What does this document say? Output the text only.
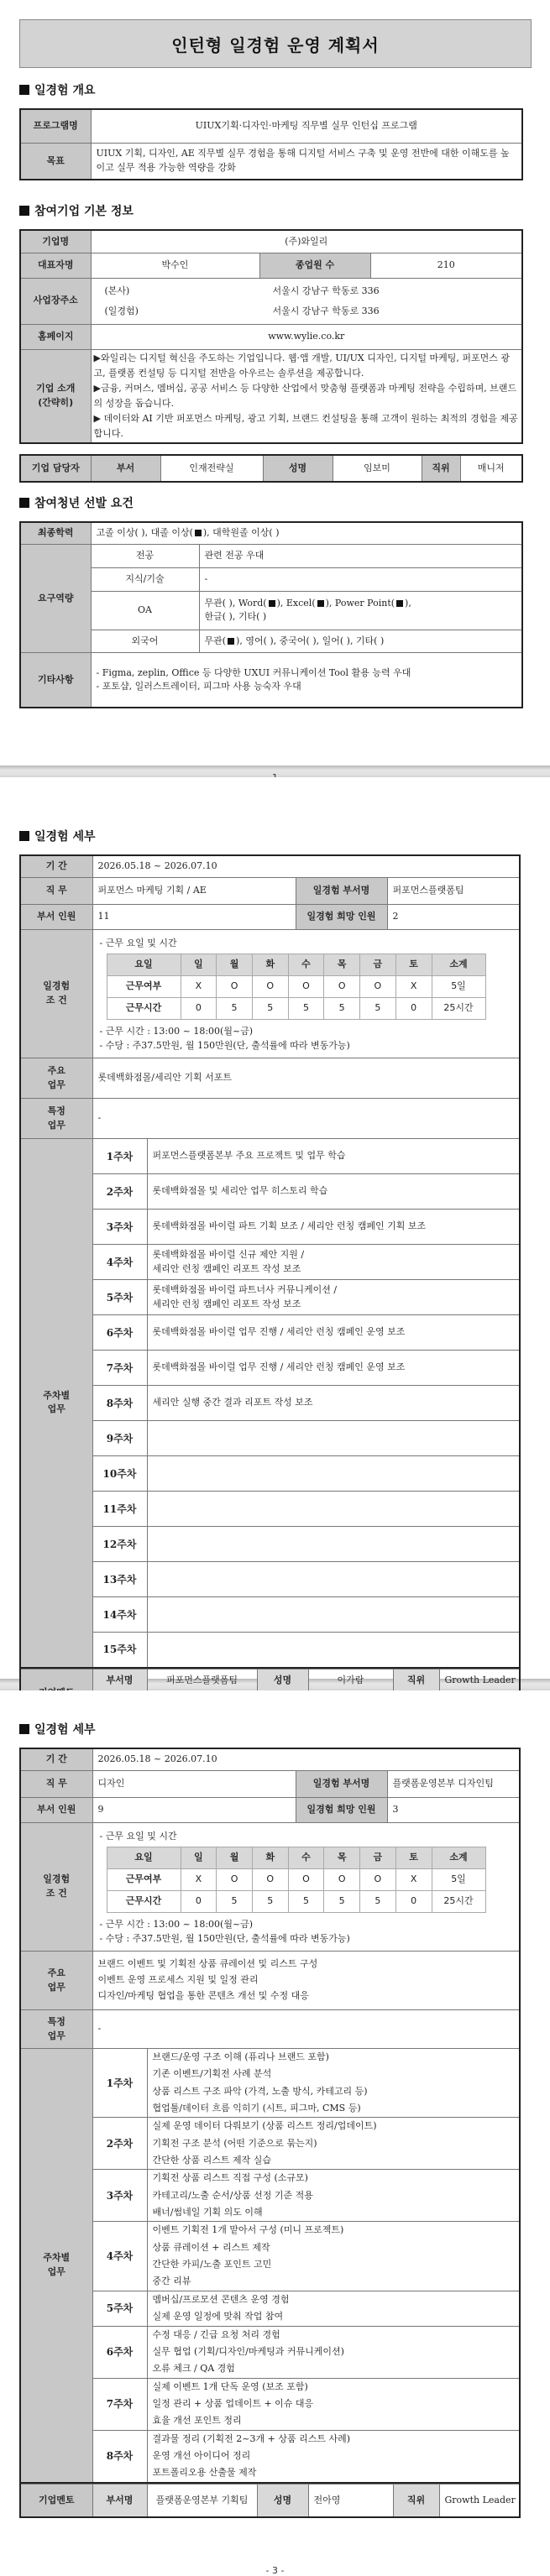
인턴형 일경험 운영 계획서
일경험 개요
프로그램명	UIUX기획·디자인·마케팅 직무별 실무 인턴십 프로그램
목표	UIUX 기획, 디자인, AE 직무별 실무 경험을 통해 디지털 서비스 구축 및 운영 전반에 대한 이해도를 높이고 실무 적용 가능한 역량을 강화
참여기업 기본 정보
기업명	(주)와일리		
대표자명	박수인	종업원 수	210
사업장주소	(본사) 서울시 강남구 학동로 336
(일경험) 서울시 강남구 학동로 336		

홈페이지	www.wylie.co.kr		

기업 소개
(간략히)	▶와일리는 디지털 혁신을 주도하는 기업입니다. 웹·앱 개발, UI/UX 디자인, 디지털 마케팅, 퍼포먼스 광고, 플랫폼 컨설팅 등 디지털 전반을 아우르는 솔루션을 제공합니다.
▶금융, 커머스, 멤버십, 공공 서비스 등 다양한 산업에서 맞춤형 플랫폼과 마케팅 전략을 수립하며, 브랜드의 성장을 돕습니다.
▶ 데이터와 AI 기반 퍼포먼스 마케팅, 광고 기획, 브랜드 컨설팅을 통해 고객이 원하는 최적의 경험을 제공합니다.		
기업 담당자	부서	인재전략실	성명	임보미	직위	매니저
참여청년 선발 요건
최종학력	고졸 이상( ), 대졸 이상( ), 대학원졸 이상( )	
요구역량	전공	관련 전공 우대
	지식/기술	-
	OA	무관( ), Word( ), Excel( ), Power Point( ),
한글( ), 기타( )

	외국어	무관( ), 영어( ), 중국어( ), 일어( ), 기타( )
기타사항	- Figma, zeplin, Office 등 다양한 UXUI 커뮤니케이션 Tool 활용 능력 우대
- 포토샵, 일러스트레이터, 피그마 사용 능숙자 우대	
일경험 세부
기 간	2026.05.18 ~ 2026.07.10
직 무	퍼포먼스 마케팅 기획 / AE	일경험 부서명	퍼포먼스플랫폼팀
부서 인원	11	일경험 희망 인원	2

일경험
조 건

- 근무 요일 및 시간
요일	일	월	화	수	목	금	토	소계
근무여부	X	O	O	O	O	O	X	5일
근무시간	0	5	5	5	5	5	0	25시간
- 근무 시간 : 13:00 ~ 18:00(월~금)
- 수당 : 주37.5만원, 월 150만원(단, 출석률에 따라 변동가능)

주요
업무
	롯데백화점몰/세리안 기획 서포트

특정
업무
	-

주차별
업무
	1주차	퍼포먼스플랫폼본부 주요 프로젝트 및 업무 학습
2주차	롯데백화점몰 및 세리안 업무 히스토리 학습
3주차	롯데백화점몰 바이럴 파트 기획 보조 / 세리안 런칭 캠페인 기획 보조
4주차	
롯데백화점몰 바이럴 신규 제안 지원 /
세리안 런칭 캠페인 리포트 작성 보조

5주차	
롯데백화점몰 바이럴 파트너사 커뮤니케이션 /
세리안 런칭 캠페인 리포트 작성 보조

6주차	롯데백화점몰 바이럴 업무 진행 / 세리안 런칭 캠페인 운영 보조
7주차	롯데백화점몰 바이럴 업무 진행 / 세리안 런칭 캠페인 운영 보조
8주차	세리안 실행 중간 결과 리포트 작성 보조
9주차	
10주차	
11주차	
12주차	
13주차	
14주차	
15주차	
	부서명	퍼포먼스플랫폼팀	성명	이가람	직위	Growth Leader

일경험 세부
기 간	2026.05.18 ~ 2026.07.10
직 무	디자인	일경험 부서명	플랫폼운영본부 디자인팀
부서 인원	9	일경험 희망 인원	3

일경험
조 건

- 근무 요일 및 시간
요일	일	월	화	수	목	금	토	소계
근무여부	X	O	O	O	O	O	X	5일
근무시간	0	5	5	5	5	5	0	25시간
- 근무 시간 : 13:00 ~ 18:00(월~금)
- 수당 : 주37.5만원, 월 150만원(단, 출석률에 따라 변동가능)

주요
업무

브랜드 이벤트 및 기획전 상품 큐레이션 및 리스트 구성
이벤트 운영 프로세스 지원 및 일정 관리
디자인/마케팅 협업을 통한 콘텐츠 개선 및 수정 대응

특정
업무
	-

주차별
업무
	1주차	
브랜드/운영 구조 이해 (퓨리나 브랜드 포함)
기존 이벤트/기획전 사례 분석
상품 리스트 구조 파악 (가격, 노출 방식, 카테고리 등)
협업툴/데이터 흐름 익히기 (시트, 피그마, CMS 등)

2주차	
실제 운영 데이터 다뤄보기 (상품 리스트 정리/업데이트)
기획전 구조 분석 (어떤 기준으로 묶는지)
간단한 상품 리스트 제작 실습

3주차	
기획전 상품 리스트 직접 구성 (소규모)
카테고리/노출 순서/상품 선정 기준 적용
배너/썸네일 기획 의도 이해

4주차	
이벤트 기획전 1개 맡아서 구성 (미니 프로젝트)
상품 큐레이션 + 리스트 제작
간단한 카피/노출 포인트 고민
중간 리뷰

5주차	
멤버십/프로모션 콘텐츠 운영 경험
실제 운영 일정에 맞춰 작업 참여

6주차	
수정 대응 / 긴급 요청 처리 경험
실무 협업 (기획/디자인/마케팅과 커뮤니케이션)
오류 체크 / QA 경험

7주차	
실제 이벤트 1개 단독 운영 (보조 포함)
일정 관리 + 상품 업데이트 + 이슈 대응
효율 개선 포인트 정리

8주차	
결과물 정리 (기획전 2~3개 + 상품 리스트 사례)
운영 개선 아이디어 정리
포트폴리오용 산출물 제작
기업멘토	부서명	플랫폼운영본부 기획팀	성명	전아영	직위	Growth Leader
- 3 -
